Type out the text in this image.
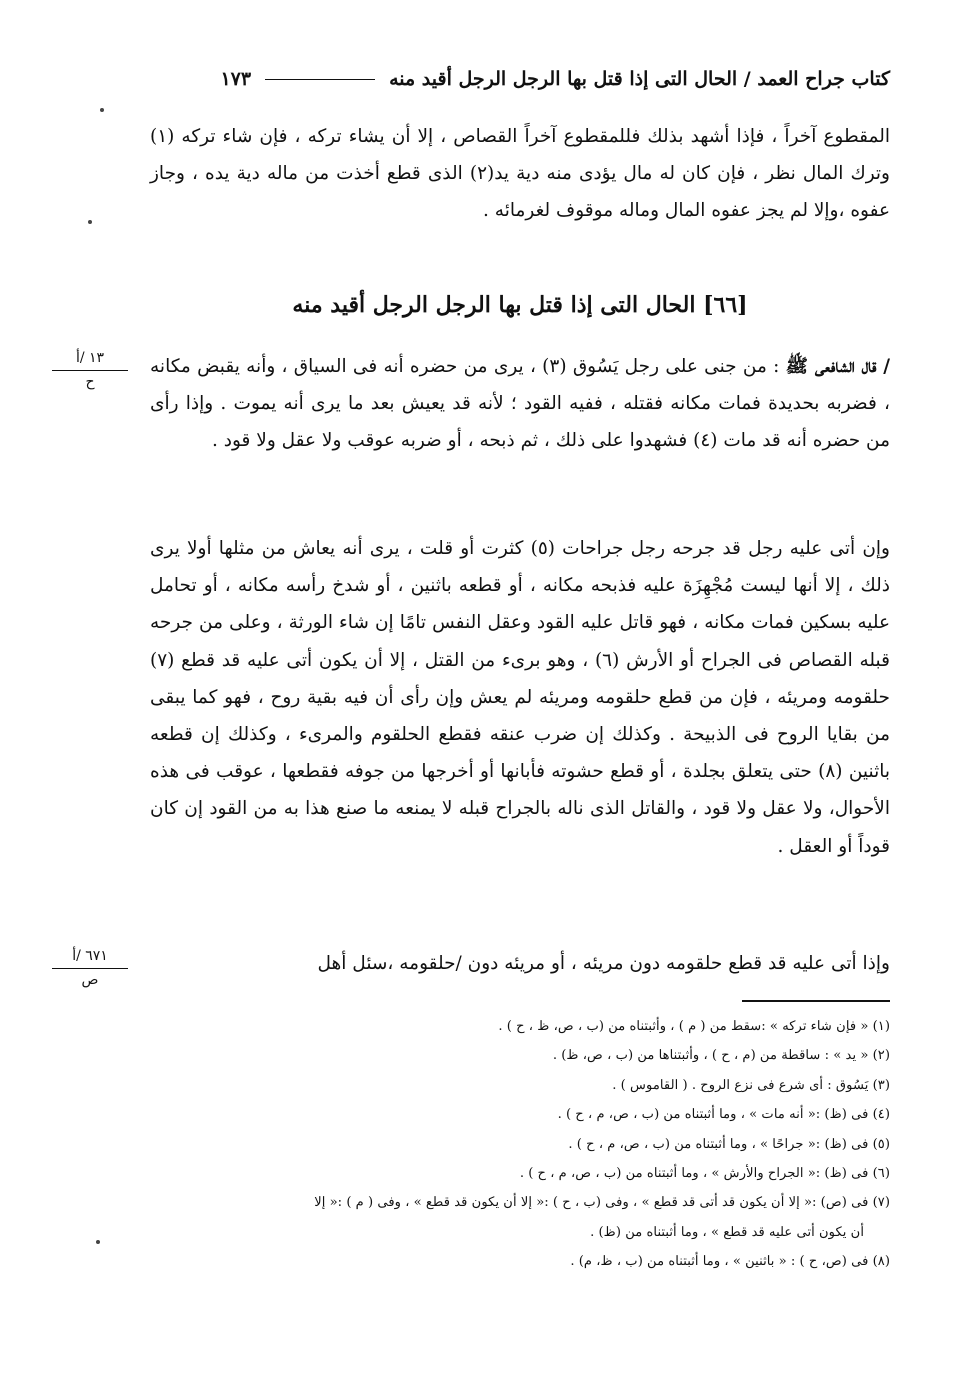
كتاب جراح العمد / الحال التى إذا قتل بها الرجل الرجل أقيد منه
١٧٣

المقطوع آخراً ، فإذا أشهد بذلك فللمقطوع آخراً القصاص ، إلا أن يشاء تركه ، فإن شاء تركه (١) وترك المال نظر ، فإن كان له مال يؤدى منه دية يد(٢) الذى قطع أخذت من ماله دية يده ، وجاز عفوه ،وإلا لم يجز عفوه المال وماله موقوف لغرمائه .

[٦٦] الحال التى إذا قتل بها الرجل الرجل أقيد منه

/ قال الشافعى ﷺ : من جنى على رجل يَسُوق (٣) ، يرى من حضره أنه فى السياق ، وأنه يقبض مكانه ، فضربه بحديدة فمات مكانه فقتله ، ففيه القود ؛ لأنه قد يعيش بعد ما يرى أنه يموت . وإذا رأى من حضره أنه قد مات (٤) فشهدوا على ذلك ، ثم ذبحه ، أو ضربه عوقب ولا عقل ولا قود .

وإن أتى عليه رجل قد جرحه رجل جراحات (٥) كثرت أو قلت ، يرى أنه يعاش من مثلها أولا يرى ذلك ، إلا أنها ليست مُجْهِزَة عليه فذبحه مكانه ، أو قطعه باثنين ، أو شدخ رأسه مكانه ، أو تحامل عليه بسكين فمات مكانه ، فهو قاتل عليه القود وعقل النفس تامًا إن شاء الورثة ، وعلى من جرحه قبله القصاص فى الجراح أو الأرش (٦) ، وهو برىء من القتل ، إلا أن يكون أتى عليه قد قطع (٧) حلقومه ومريئه ، فإن من قطع حلقومه ومريئه لم يعش وإن رأى أن فيه بقية روح ، فهو كما يبقى من بقايا الروح فى الذبيحة . وكذلك إن ضرب عنقه فقطع الحلقوم والمرىء ، وكذلك إن قطعه باثنين (٨) حتى يتعلق بجلدة ، أو قطع حشوته فأبانها أو أخرجها من جوفه فقطعها ، عوقب فى هذه الأحوال، ولا عقل ولا قود ، والقاتل الذى ناله بالجراح قبله لا يمنعه ما صنع هذا به من القود إن كان قوداً أو العقل .

وإذا أتى عليه قد قطع حلقومه دون مريئه ، أو مريئه دون /حلقومه ،سئل أهل

١٣ /أ
ح
٦٧١ /أ
ص
(١) « فإن شاء تركه » :سقط من ( م ) ، وأثبتناه من (ب ، ص، ظ ، ح ) .
(٢) « يد » : ساقطة من (م ، ح ) ، وأثبتناها من (ب ، ص، ظ) .
(٣) يَسُوق : أى شرع فى نزع الروح . ( القاموس ) .
(٤) فى (ظ) :« أنه مات » ، وما أثبتناه من (ب ، ص، م ، ح ) .
(٥) فى (ظ) :« جراحًا » ، وما أثبتناه من (ب ، ص، م ، ح ) .
(٦) فى (ظ) :« الجراح والأرش » ، وما أثبتناه من (ب ، ص، م ، ح ) .
(٧) فى (ص) :« إلا أن يكون قد أتى قد قطع » ، وفى (ب ، ح ) :« إلا أن يكون قد قطع » ، وفى ( م ) :« إلا
أن يكون أتى عليه قد قطع » ، وما أثبتناه من (ظ) .
(٨) فى (ص، ح ) : « باثنين » ، وما أثبتناه من (ب ، ظ، م) .
